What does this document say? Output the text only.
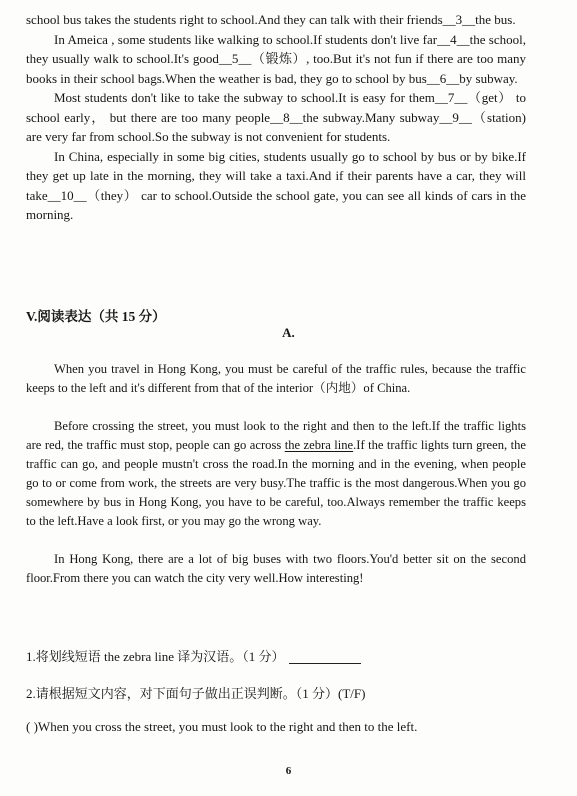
school bus takes the students right to school.And they can talk with their friends__3__the bus.

In Ameica , some students like walking to school.If students don't live far__4__the school, they usually walk to school.It's good__5__（锻炼）, too.But it's not fun if there are too many books in their school bags.When the weather is bad, they go to school by bus__6__by subway.

Most students don't like to take the subway to school.It is easy for them__7__（get） to school early， but there are too many people__8__the subway.Many subway__9__（station) are very far from school.So the subway is not convenient for students.

In China, especially in some big cities, students usually go to school by bus or by bike.If they get up late in the morning, they will take a taxi.And if their parents have a car, they will take__10__（they） car to school.Outside the school gate, you can see all kinds of cars in the morning.

V.阅读表达（共 15 分）
A.

When you travel in Hong Kong, you must be careful of the traffic rules, because the traffic keeps to the left and it's different from that of the interior（内地）of China.

Before crossing the street, you must look to the right and then to the left.If the traffic lights are red, the traffic must stop, people can go across the zebra line.If the traffic lights turn green, the traffic can go, and people mustn't cross the road.In the morning and in the evening, when people go to or come from work, the streets are very busy.The traffic is the most dangerous.When you go somewhere by bus in Hong Kong, you have to be careful, too.Always remember the traffic keeps to the left.Have a look first, or you may go the wrong way.

In Hong Kong, there are a lot of big buses with two floors.You'd better sit on the second floor.From there you can watch the city very well.How interesting!

1.将划线短语 the zebra line 译为汉语。（1 分）
2.请根据短文内容，对下面句子做出正误判断。（1 分）(T/F)
( )When you cross the street, you must look to the right and then to the left.
6
